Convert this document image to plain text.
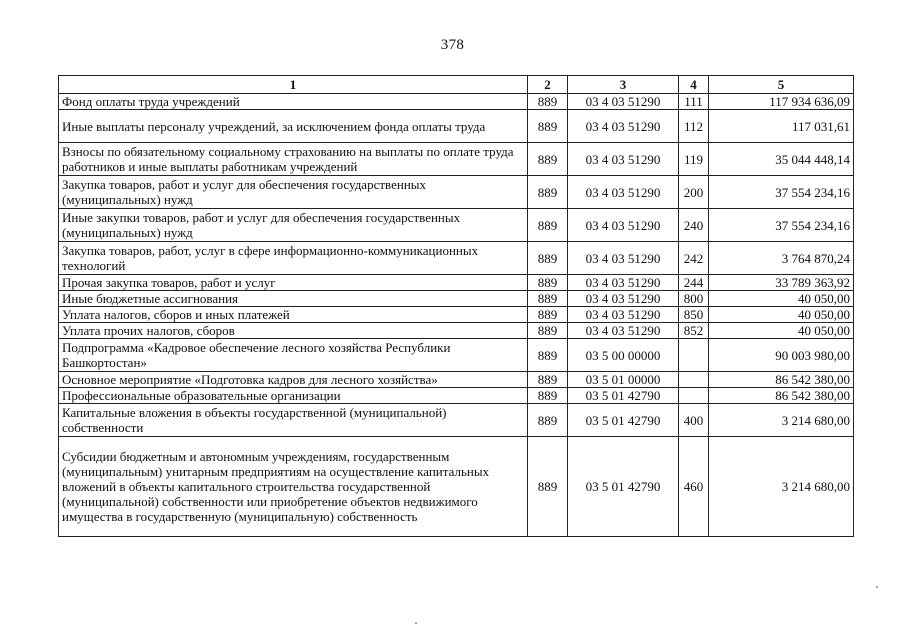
378
1	2	3	4	5
Фонд оплаты труда учреждений	889	03 4 03 51290	111	117 934 636,09
Иные выплаты персоналу учреждений, за исключением фонда оплаты труда	889	03 4 03 51290	112	117 031,61
Взносы по обязательному социальному страхованию на выплаты по оплате труда работников и иные выплаты работникам учреждений	889	03 4 03 51290	119	35 044 448,14
Закупка товаров, работ и услуг для обеспечения государственных (муниципальных) нужд	889	03 4 03 51290	200	37 554 234,16
Иные закупки товаров, работ и услуг для обеспечения государственных (муниципальных) нужд	889	03 4 03 51290	240	37 554 234,16
Закупка товаров, работ, услуг в сфере информационно-коммуникационных технологий	889	03 4 03 51290	242	3 764 870,24
Прочая закупка товаров, работ и услуг	889	03 4 03 51290	244	33 789 363,92
Иные бюджетные ассигнования	889	03 4 03 51290	800	40 050,00
Уплата налогов, сборов и иных платежей	889	03 4 03 51290	850	40 050,00
Уплата прочих налогов, сборов	889	03 4 03 51290	852	40 050,00
Подпрограмма «Кадровое обеспечение лесного хозяйства Республики Башкортостан»	889	03 5 00 00000		90 003 980,00
Основное мероприятие «Подготовка кадров для лесного хозяйства»	889	03 5 01 00000		86 542 380,00
Профессиональные образовательные организации	889	03 5 01 42790		86 542 380,00
Капитальные вложения в объекты государственной (муниципальной) собственности	889	03 5 01 42790	400	3 214 680,00
Субсидии бюджетным и автономным учреждениям, государственным (муниципальным) унитарным предприятиям на осуществление капитальных вложений в объекты капитального строительства государственной (муниципальной) собственности или приобретение объектов недвижимого имущества в государственную (муниципальную) собственность	889	03 5 01 42790	460	3 214 680,00
